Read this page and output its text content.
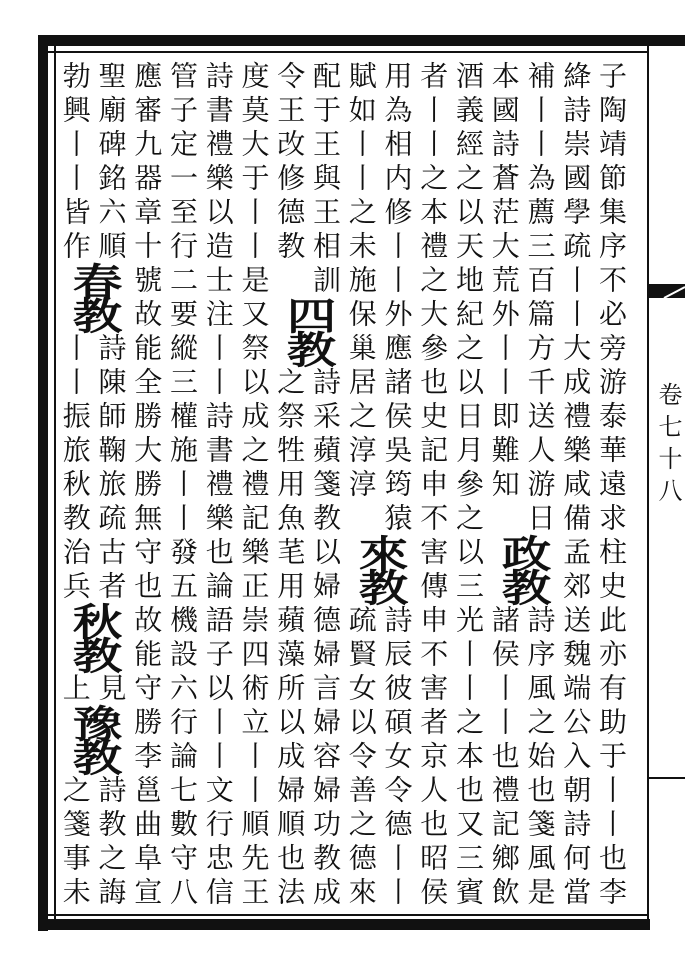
卷七十八
子陶靖節集序不必旁游泰華遠求柱史此亦有助于丨丨也李
絳詩崇國學疏丨丨大成禮樂咸備孟郊送魏端公入朝詩何當
補丨丨為薦三百篇方千送人游日
本國詩蒼茫大荒外丨丨即難知
政教
詩序風之始也箋風是
諸侯丨丨也禮記鄉飲
酒義經之以天地紀之以日月參之以三光丨丨之本也又三賓
者丨丨之本禮之大參也史記申不害傳申不害者京人也昭侯
用為相内修丨丨外應諸侯吳筠猿
賦如丨丨之未施保巢居之淳淳
來教
詩辰彼碩女令德丨丨
疏賢女以令善之德來
配于王與王相訓
令王改修德教
四教
詩采蘋箋教以婦德婦言婦容婦功教成
之祭牲用魚芼用蘋藻所以成婦順也法
度莫大于丨丨是又祭以成之禮記樂正崇四術立丨丨順先王
詩書禮樂以造士注丨丨詩書禮樂也論語子以丨丨文行忠信
管子定一至行二要縱三權施丨丨發五機設六行論七數守八
應審九器章十號故能全勝大勝無守也故能守勝李邕曲阜宣
聖廟碑銘六順
勃興丨丨皆作
春教
詩陳師鞠旅疏古者
丨丨振旅秋教治兵
秋教
見
上
豫教
詩教之誨
之箋事未
